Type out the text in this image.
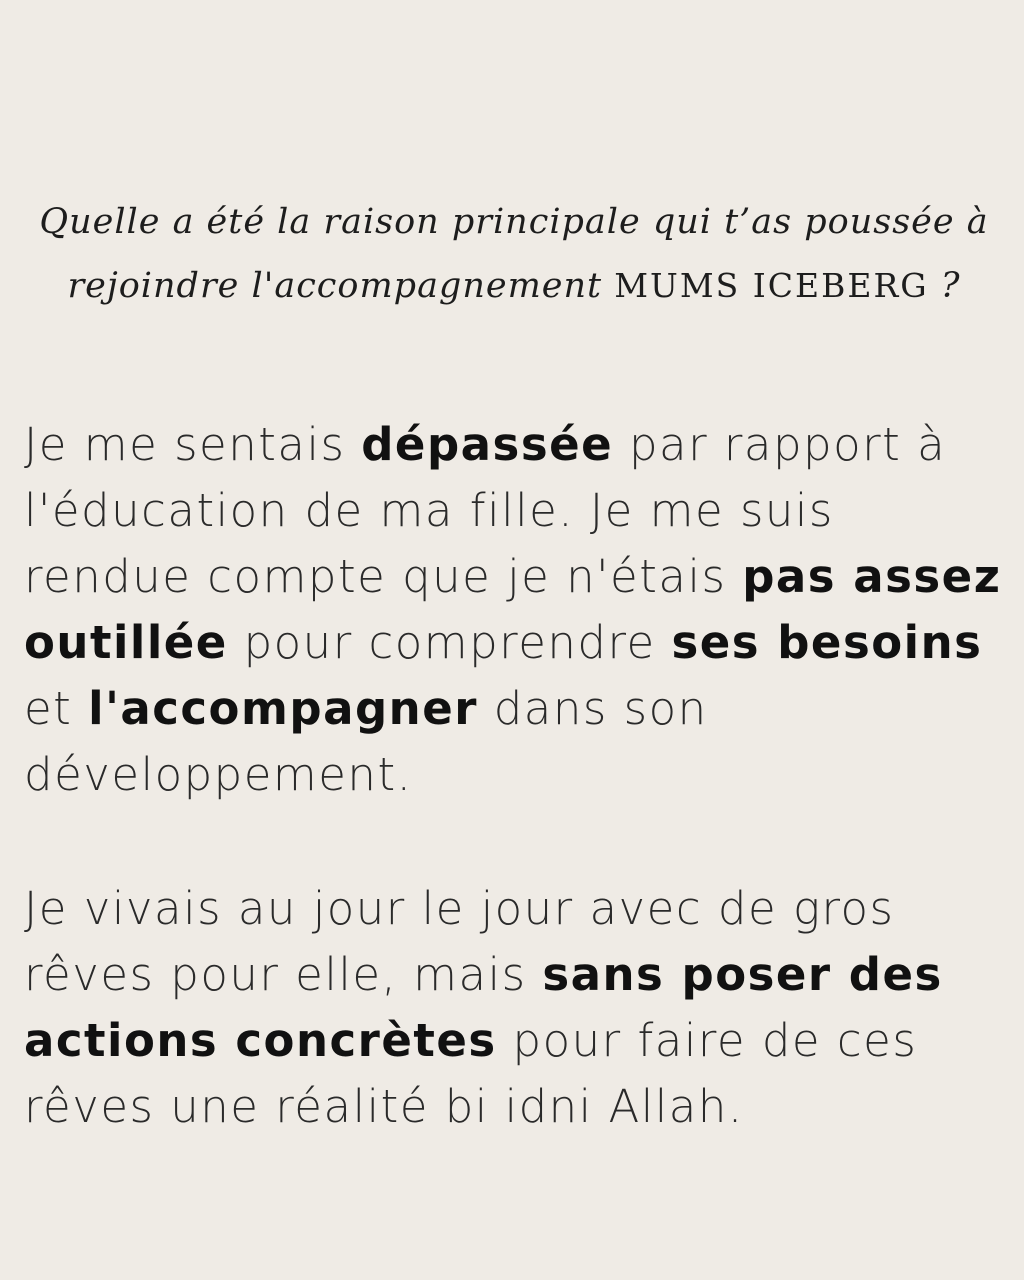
Quelle a été la raison principale qui t’as poussée à rejoindre l'accompagnement MUMS ICEBERG ?

Je me sentais dépassée par rapport à l'éducation de ma fille. Je me suis rendue compte que je n'étais pas assez outillée pour comprendre ses besoins et l'accompagner dans son développement.

Je vivais au jour le jour avec de gros rêves pour elle, mais sans poser des actions concrètes pour faire de ces rêves une réalité bi idni Allah.
